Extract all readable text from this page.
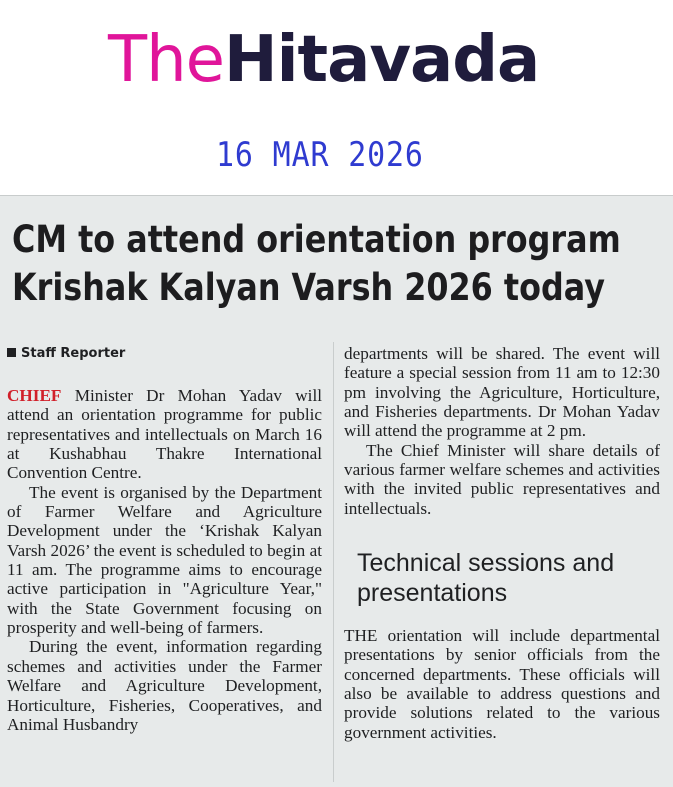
TheHitavada
16 MAR 2026
CM to attend orientation program
Krishak Kalyan Varsh 2026 today
Staff Reporter

CHIEF Minister Dr Mohan Yadav will attend an orientation programme for public representatives and intellectuals on March 16 at Kushabhau Thakre International Convention Centre.

The event is organised by the Department of Farmer Welfare and Agriculture Development under the ‘Krishak Kalyan Varsh 2026’ the event is scheduled to begin at 11 am. The programme aims to encourage active participation in "Agriculture Year," with the State Government focusing on prosperity and well-being of farmers.

During the event, information regarding schemes and activities under the Farmer Welfare and Agriculture Development, Horticulture, Fisheries, Cooperatives, and Animal Husbandry

departments will be shared. The event will feature a special session from 11 am to 12:30 pm involving the Agriculture, Horticulture, and Fisheries departments. Dr Mohan Yadav will attend the programme at 2 pm.

The Chief Minister will share details of various farmer welfare schemes and activities with the invited public representatives and intellectuals.

Technical sessions and presentations

THE orientation will include departmental presentations by senior officials from the concerned departments. These officials will also be available to address questions and provide solutions related to the various government activities.
